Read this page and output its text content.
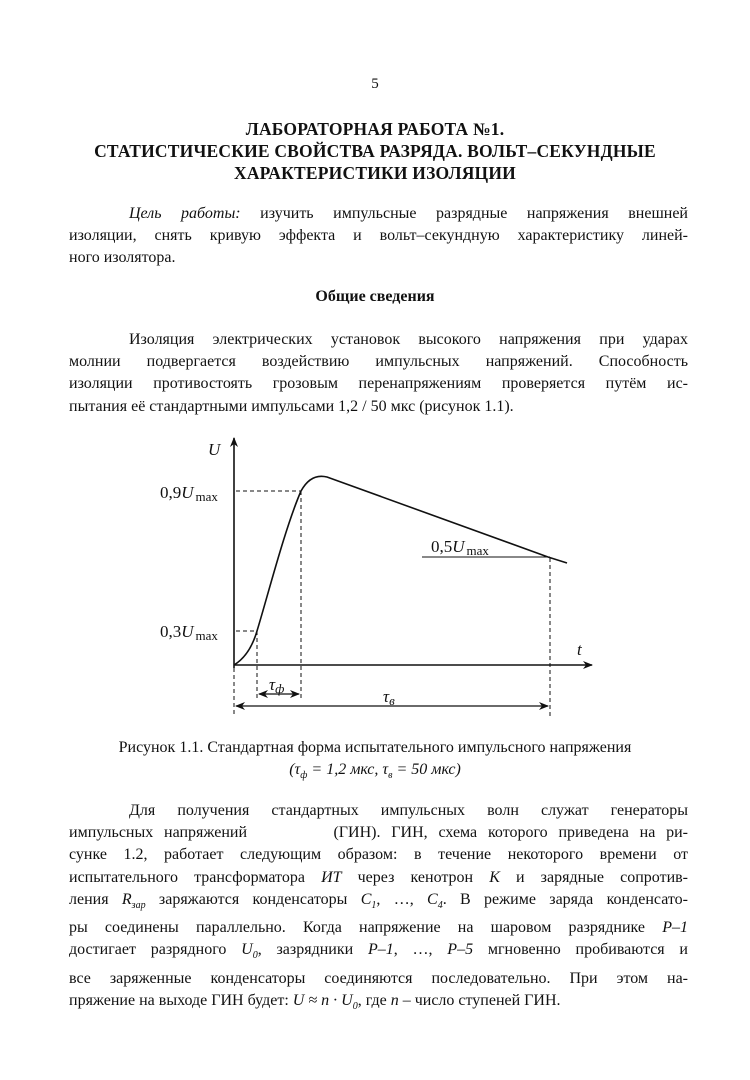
5
ЛАБОРАТОРНАЯ РАБОТА №1.
СТАТИСТИЧЕСКИЕ СВОЙСТВА РАЗРЯДА. ВОЛЬТ–СЕКУНДНЫЕ
ХАРАКТЕРИСТИКИ ИЗОЛЯЦИИ
Цель работы: изучить импульсные разрядные напряжения внешней
изоляции, снять кривую эффекта и вольт–секундную характеристику линей-
ного изолятора.
Общие сведения
Изоляция электрических установок высокого напряжения при ударах
молнии подвергается воздействию импульсных напряжений. Способность
изоляции противостоять грозовым перенапряжениям проверяется путём ис-
пытания её стандартными импульсами 1,2 / 50 мкс (рисунок 1.1).
U
t
0,9U max
0,3U max
0,5U max
τф	τв
Рисунок 1.1. Стандартная форма испытательного импульсного напряжения
($\tau_ф = 1,2$ мкс, $\tau_в = 50$ мкс)
Для получения стандартных импульсных волн служат генераторы
импульсных напряжений        (ГИН). ГИН, схема которого приведена на ри-
сунке 1.2, работает следующим образом: в течение некоторого времени от
испытательного трансформатора ИТ через кенотрон К и зарядные сопротив-
ления $R_{зар}$ заряжаются конденсаторы $C_1$, …, $C_4$. В режиме заряда конденсато-
ры соединены параллельно. Когда напряжение на шаровом разряднике Р–1
достигает разрядного $U_0$, зазрядники Р–1, …, Р–5 мгновенно пробиваются и
все заряженные конденсаторы соединяются последовательно. При этом на-
пряжение на выходе ГИН будет: $U \approx n \cdot U_0$, где n – число ступеней ГИН.
